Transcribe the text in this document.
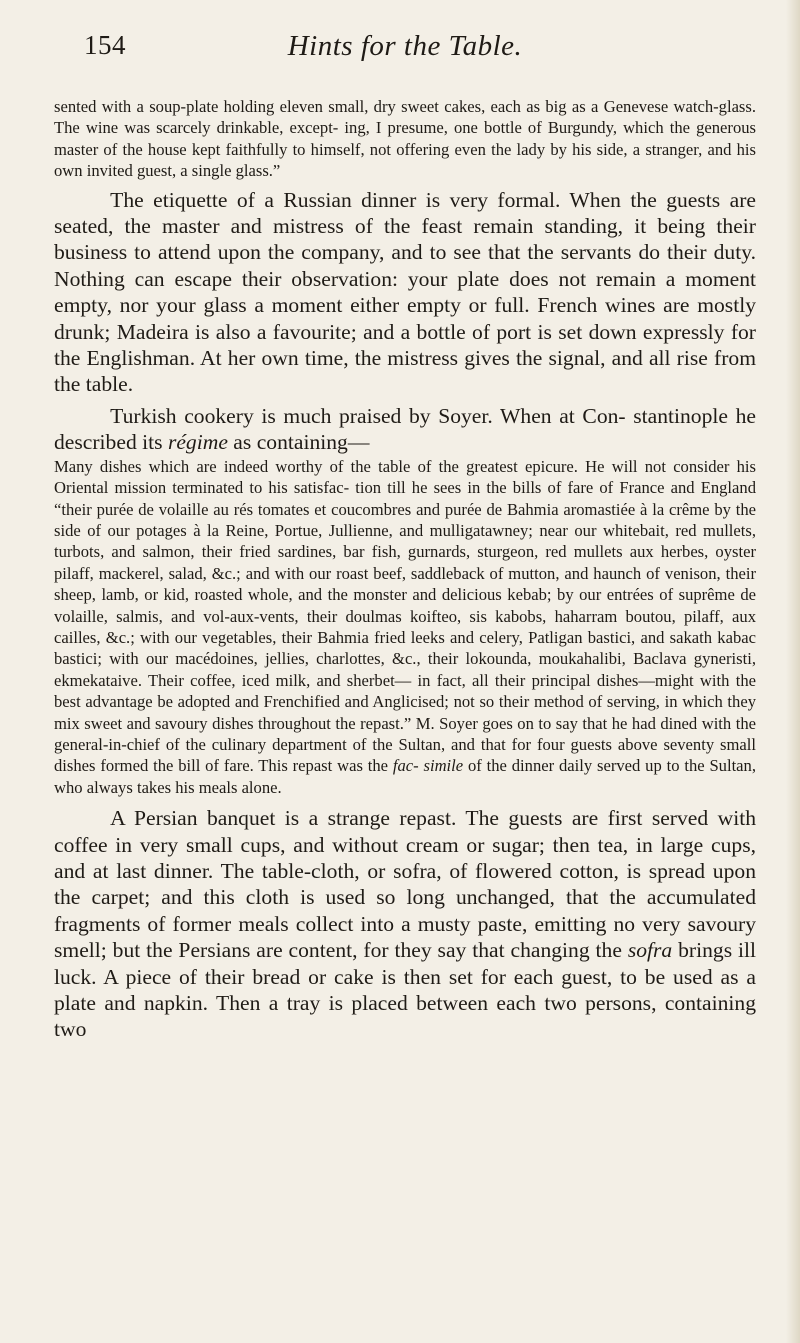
154	Hints for the Table.

sented with a soup-plate holding eleven small, dry sweet cakes, each as big as a Genevese watch-glass. The wine was scarcely drinkable, except- ing, I presume, one bottle of Burgundy, which the generous master of the house kept faithfully to himself, not offering even the lady by his side, a stranger, and his own invited guest, a single glass.”

The etiquette of a Russian dinner is very formal. When the guests are seated, the master and mistress of the feast remain standing, it being their business to attend upon the company, and to see that the servants do their duty. Nothing can escape their observation: your plate does not remain a moment empty, nor your glass a moment either empty or full. French wines are mostly drunk; Madeira is also a favourite; and a bottle of port is set down expressly for the Englishman. At her own time, the mistress gives the signal, and all rise from the table.

Turkish cookery is much praised by Soyer. When at Con- stantinople he described its régime as containing—

Many dishes which are indeed worthy of the table of the greatest epicure. He will not consider his Oriental mission terminated to his satisfac- tion till he sees in the bills of fare of France and England “their purée de volaille au rés tomates et coucombres and purée de Bahmia aromastiée à la crême by the side of our potages à la Reine, Portue, Jullienne, and mulligatawney; near our whitebait, red mullets, turbots, and salmon, their fried sardines, bar fish, gurnards, sturgeon, red mullets aux herbes, oyster pilaff, mackerel, salad, &c.; and with our roast beef, saddleback of mutton, and haunch of venison, their sheep, lamb, or kid, roasted whole, and the monster and delicious kebab; by our entrées of suprême de volaille, salmis, and vol-aux-vents, their doulmas koifteo, sis kabobs, haharram boutou, pilaff, aux cailles, &c.; with our vegetables, their Bahmia fried leeks and celery, Patligan bastici, and sakath kabac bastici; with our macédoines, jellies, charlottes, &c., their lokounda, moukahalibi, Baclava gyneristi, ekmekataive. Their coffee, iced milk, and sherbet— in fact, all their principal dishes—might with the best advantage be adopted and Frenchified and Anglicised; not so their method of serving, in which they mix sweet and savoury dishes throughout the repast.” M. Soyer goes on to say that he had dined with the general-in-chief of the culinary department of the Sultan, and that for four guests above seventy small dishes formed the bill of fare. This repast was the fac- simile of the dinner daily served up to the Sultan, who always takes his meals alone.

A Persian banquet is a strange repast. The guests are first served with coffee in very small cups, and without cream or sugar; then tea, in large cups, and at last dinner. The table-cloth, or sofra, of flowered cotton, is spread upon the carpet; and this cloth is used so long unchanged, that the accumulated fragments of former meals collect into a musty paste, emitting no very savoury smell; but the Persians are content, for they say that changing the sofra brings ill luck. A piece of their bread or cake is then set for each guest, to be used as a plate and napkin. Then a tray is placed between each two persons, containing two
